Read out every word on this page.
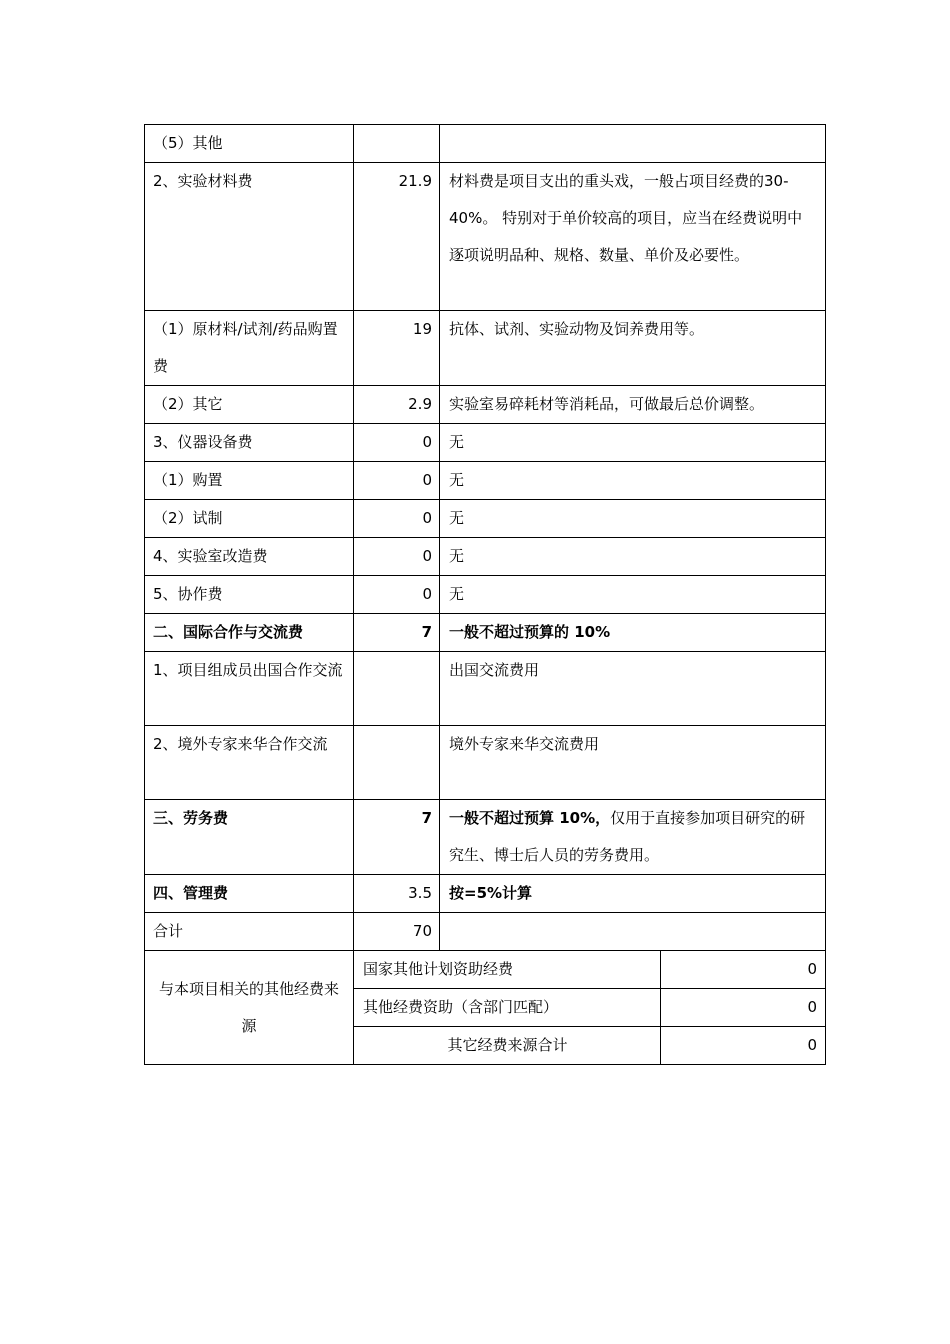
（5）其他			
2、实验材料费	21.9	材料费是项目支出的重头戏，一般占项目经费的30-40%。 特别对于单价较高的项目，应当在经费说明中逐项说明品种、规格、数量、单价及必要性。	
（1）原材料/试剂/药品购置费	19	抗体、试剂、实验动物及饲养费用等。	
（2）其它	2.9	实验室易碎耗材等消耗品，可做最后总价调整。	
3、仪器设备费	0	无	
（1）购置	0	无	
（2）试制	0	无	
4、实验室改造费	0	无	
5、协作费	0	无	
二、国际合作与交流费	7	一般不超过预算的 10%	
1、项目组成员出国合作交流		出国交流费用	
2、境外专家来华合作交流		境外专家来华交流费用	
三、劳务费	7	一般不超过预算 10%，仅用于直接参加项目研究的研究生、博士后人员的劳务费用。	
四、管理费	3.5	按=5%计算	
合计	70		
与本项目相关的其他经费来源	国家其他计划资助经费		0
	其他经费资助（含部门匹配）		0
	其它经费来源合计		0
